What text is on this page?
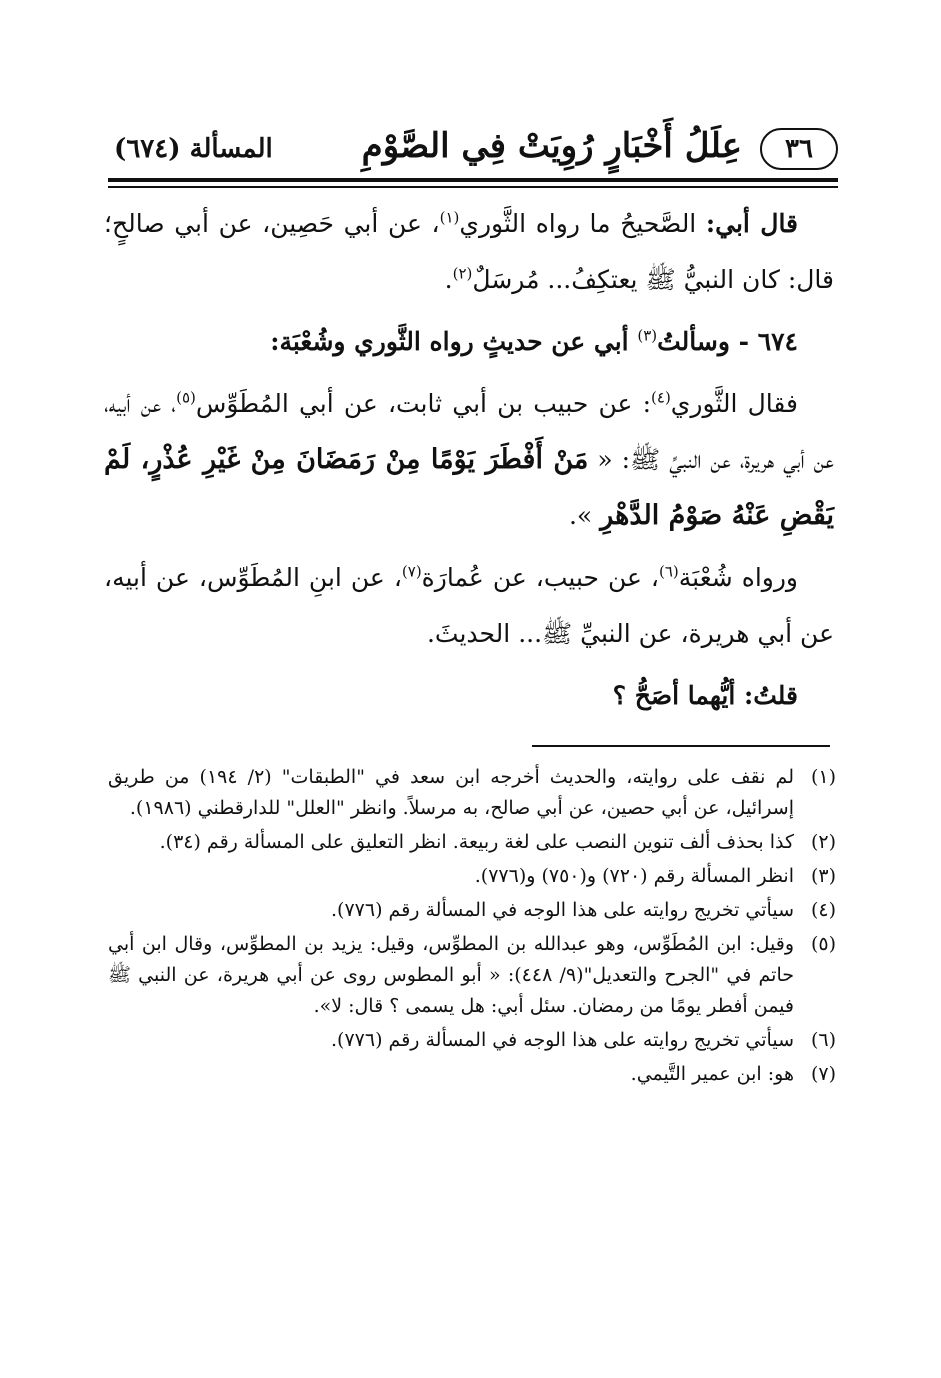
٣٦
عِلَلُ أَخْبَارٍ رُوِيَتْ فِي الصَّوْمِ
المسألة (٦٧٤)

قال أبي: الصَّحيحُ ما رواه الثَّوري$^{(١)}$، عن أبي حَصِين، عن أبي صالحٍ؛ قال: كان النبيُّ ﷺ يعتكِفُ... مُرسَلٌ$^{(٢)}$.

٦٧٤ - وسألتُ$^{(٣)}$ أبي عن حديثٍ رواه الثَّوري وشُعْبَة:

فقال الثَّوري$^{(٤)}$: عن حبيب بن أبي ثابت، عن أبي المُطَوِّس$^{(٥)}$، عن أبيه، عن أبي هريرة، عن النبيِّ ﷺ: « مَنْ أَفْطَرَ يَوْمًا مِنْ رَمَضَانَ مِنْ غَيْرِ عُذْرٍ، لَمْ يَقْضِ عَنْهُ صَوْمُ الدَّهْرِ ».

ورواه شُعْبَة$^{(٦)}$، عن حبيب، عن عُمارَة$^{(٧)}$، عن ابنِ المُطَوِّس، عن أبيه، عن أبي هريرة، عن النبيِّ ﷺ... الحديثَ.

قلتُ: أيُّهما أصَحُّ ؟

(١)
لم نقف على روايته، والحديث أخرجه ابن سعد في "الطبقات" (٢/ ١٩٤) من طريق إسرائيل، عن أبي حصين، عن أبي صالح، به مرسلاً. وانظر "العلل" للدارقطني (١٩٨٦).
(٢)
كذا بحذف ألف تنوين النصب على لغة ربيعة. انظر التعليق على المسألة رقم (٣٤).
(٣)
انظر المسألة رقم (٧٢٠) و(٧٥٠) و(٧٧٦).
(٤)
سيأتي تخريج روايته على هذا الوجه في المسألة رقم (٧٧٦).
(٥)
وقيل: ابن المُطَوِّس، وهو عبدالله بن المطوِّس، وقيل: يزيد بن المطوِّس، وقال ابن أبي حاتم في "الجرح والتعديل"(٩/ ٤٤٨): « أبو المطوس روى عن أبي هريرة، عن النبي ﷺ فيمن أفطر يومًا من رمضان. سئل أبي: هل يسمى ؟ قال: لا».
(٦)
سيأتي تخريج روايته على هذا الوجه في المسألة رقم (٧٧٦).
(٧)
هو: ابن عمير التَّيمي.
